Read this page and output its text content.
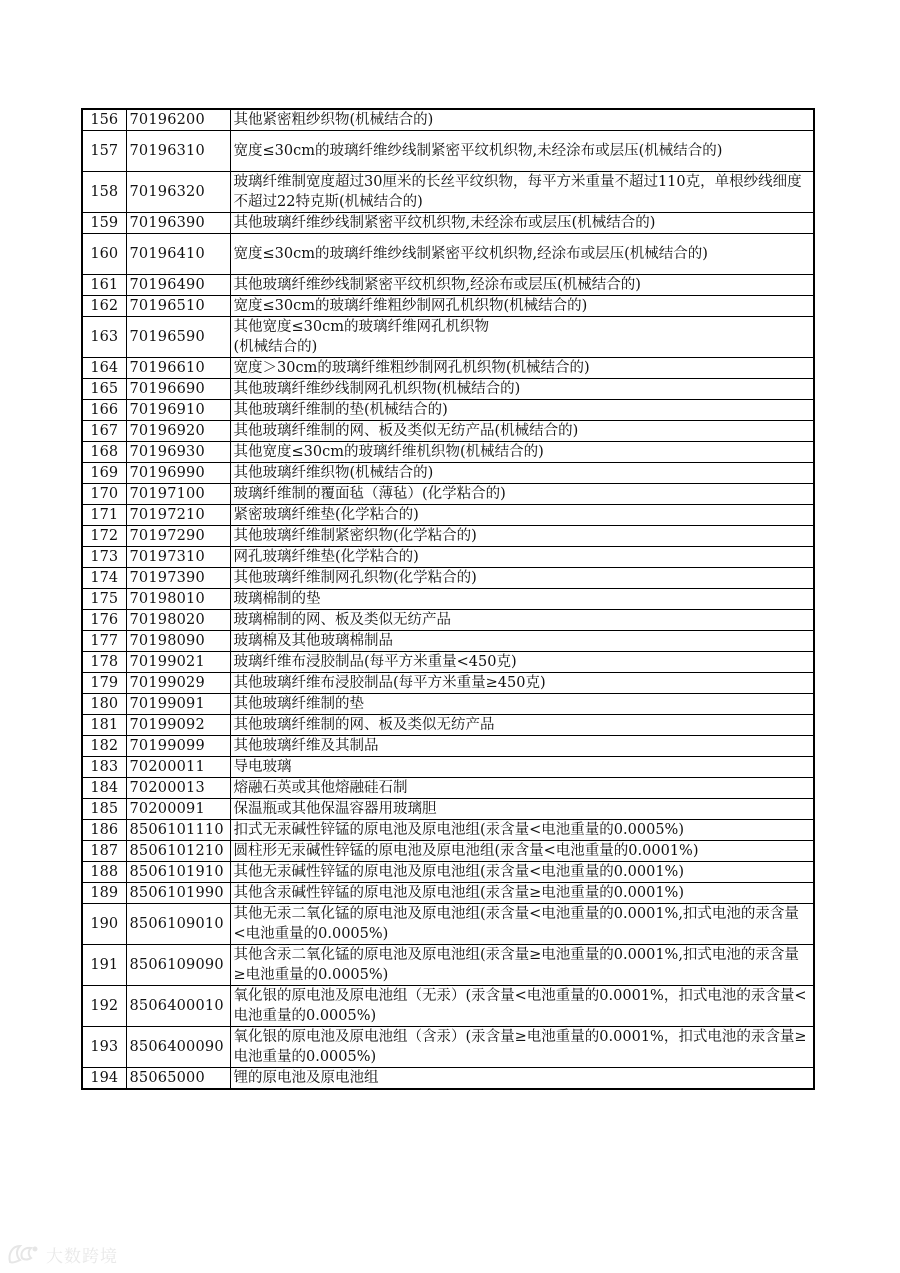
156	70196200	其他紧密粗纱织物(机械结合的)
157	70196310	宽度≤30cm的玻璃纤维纱线制紧密平纹机织物,未经涂布或层压(机械结合的)
158	70196320	玻璃纤维制宽度超过30厘米的长丝平纹织物，每平方米重量不超过110克，单根纱线细度不超过22特克斯(机械结合的)
159	70196390	其他玻璃纤维纱线制紧密平纹机织物,未经涂布或层压(机械结合的)
160	70196410	宽度≤30cm的玻璃纤维纱线制紧密平纹机织物,经涂布或层压(机械结合的)
161	70196490	其他玻璃纤维纱线制紧密平纹机织物,经涂布或层压(机械结合的)
162	70196510	宽度≤30cm的玻璃纤维粗纱制网孔机织物(机械结合的)
163	70196590	其他宽度≤30cm的玻璃纤维网孔机织物
(机械结合的)
164	70196610	宽度＞30cm的玻璃纤维粗纱制网孔机织物(机械结合的)
165	70196690	其他玻璃纤维纱线制网孔机织物(机械结合的)
166	70196910	其他玻璃纤维制的垫(机械结合的)
167	70196920	其他玻璃纤维制的网、板及类似无纺产品(机械结合的)
168	70196930	其他宽度≤30cm的玻璃纤维机织物(机械结合的)
169	70196990	其他玻璃纤维织物(机械结合的)
170	70197100	玻璃纤维制的覆面毡（薄毡）(化学粘合的)
171	70197210	紧密玻璃纤维垫(化学粘合的)
172	70197290	其他玻璃纤维制紧密织物(化学粘合的)
173	70197310	网孔玻璃纤维垫(化学粘合的)
174	70197390	其他玻璃纤维制网孔织物(化学粘合的)
175	70198010	玻璃棉制的垫
176	70198020	玻璃棉制的网、板及类似无纺产品
177	70198090	玻璃棉及其他玻璃棉制品
178	70199021	玻璃纤维布浸胶制品(每平方米重量<450克)
179	70199029	其他玻璃纤维布浸胶制品(每平方米重量≥450克)
180	70199091	其他玻璃纤维制的垫
181	70199092	其他玻璃纤维制的网、板及类似无纺产品
182	70199099	其他玻璃纤维及其制品
183	70200011	导电玻璃
184	70200013	熔融石英或其他熔融硅石制
185	70200091	保温瓶或其他保温容器用玻璃胆
186	8506101110	扣式无汞碱性锌锰的原电池及原电池组(汞含量<电池重量的0.0005%)
187	8506101210	圆柱形无汞碱性锌锰的原电池及原电池组(汞含量<电池重量的0.0001%)
188	8506101910	其他无汞碱性锌锰的原电池及原电池组(汞含量<电池重量的0.0001%)
189	8506101990	其他含汞碱性锌锰的原电池及原电池组(汞含量≥电池重量的0.0001%)
190	8506109010	其他无汞二氧化锰的原电池及原电池组(汞含量<电池重量的0.0001%,扣式电池的汞含量<电池重量的0.0005%)
191	8506109090	其他含汞二氧化锰的原电池及原电池组(汞含量≥电池重量的0.0001%,扣式电池的汞含量≥电池重量的0.0005%)
192	8506400010	氧化银的原电池及原电池组（无汞）(汞含量<电池重量的0.0001%，扣式电池的汞含量<电池重量的0.0005%)
193	8506400090	氧化银的原电池及原电池组（含汞）(汞含量≥电池重量的0.0001%，扣式电池的汞含量≥电池重量的0.0005%)
194	85065000	锂的原电池及原电池组
大数跨境
